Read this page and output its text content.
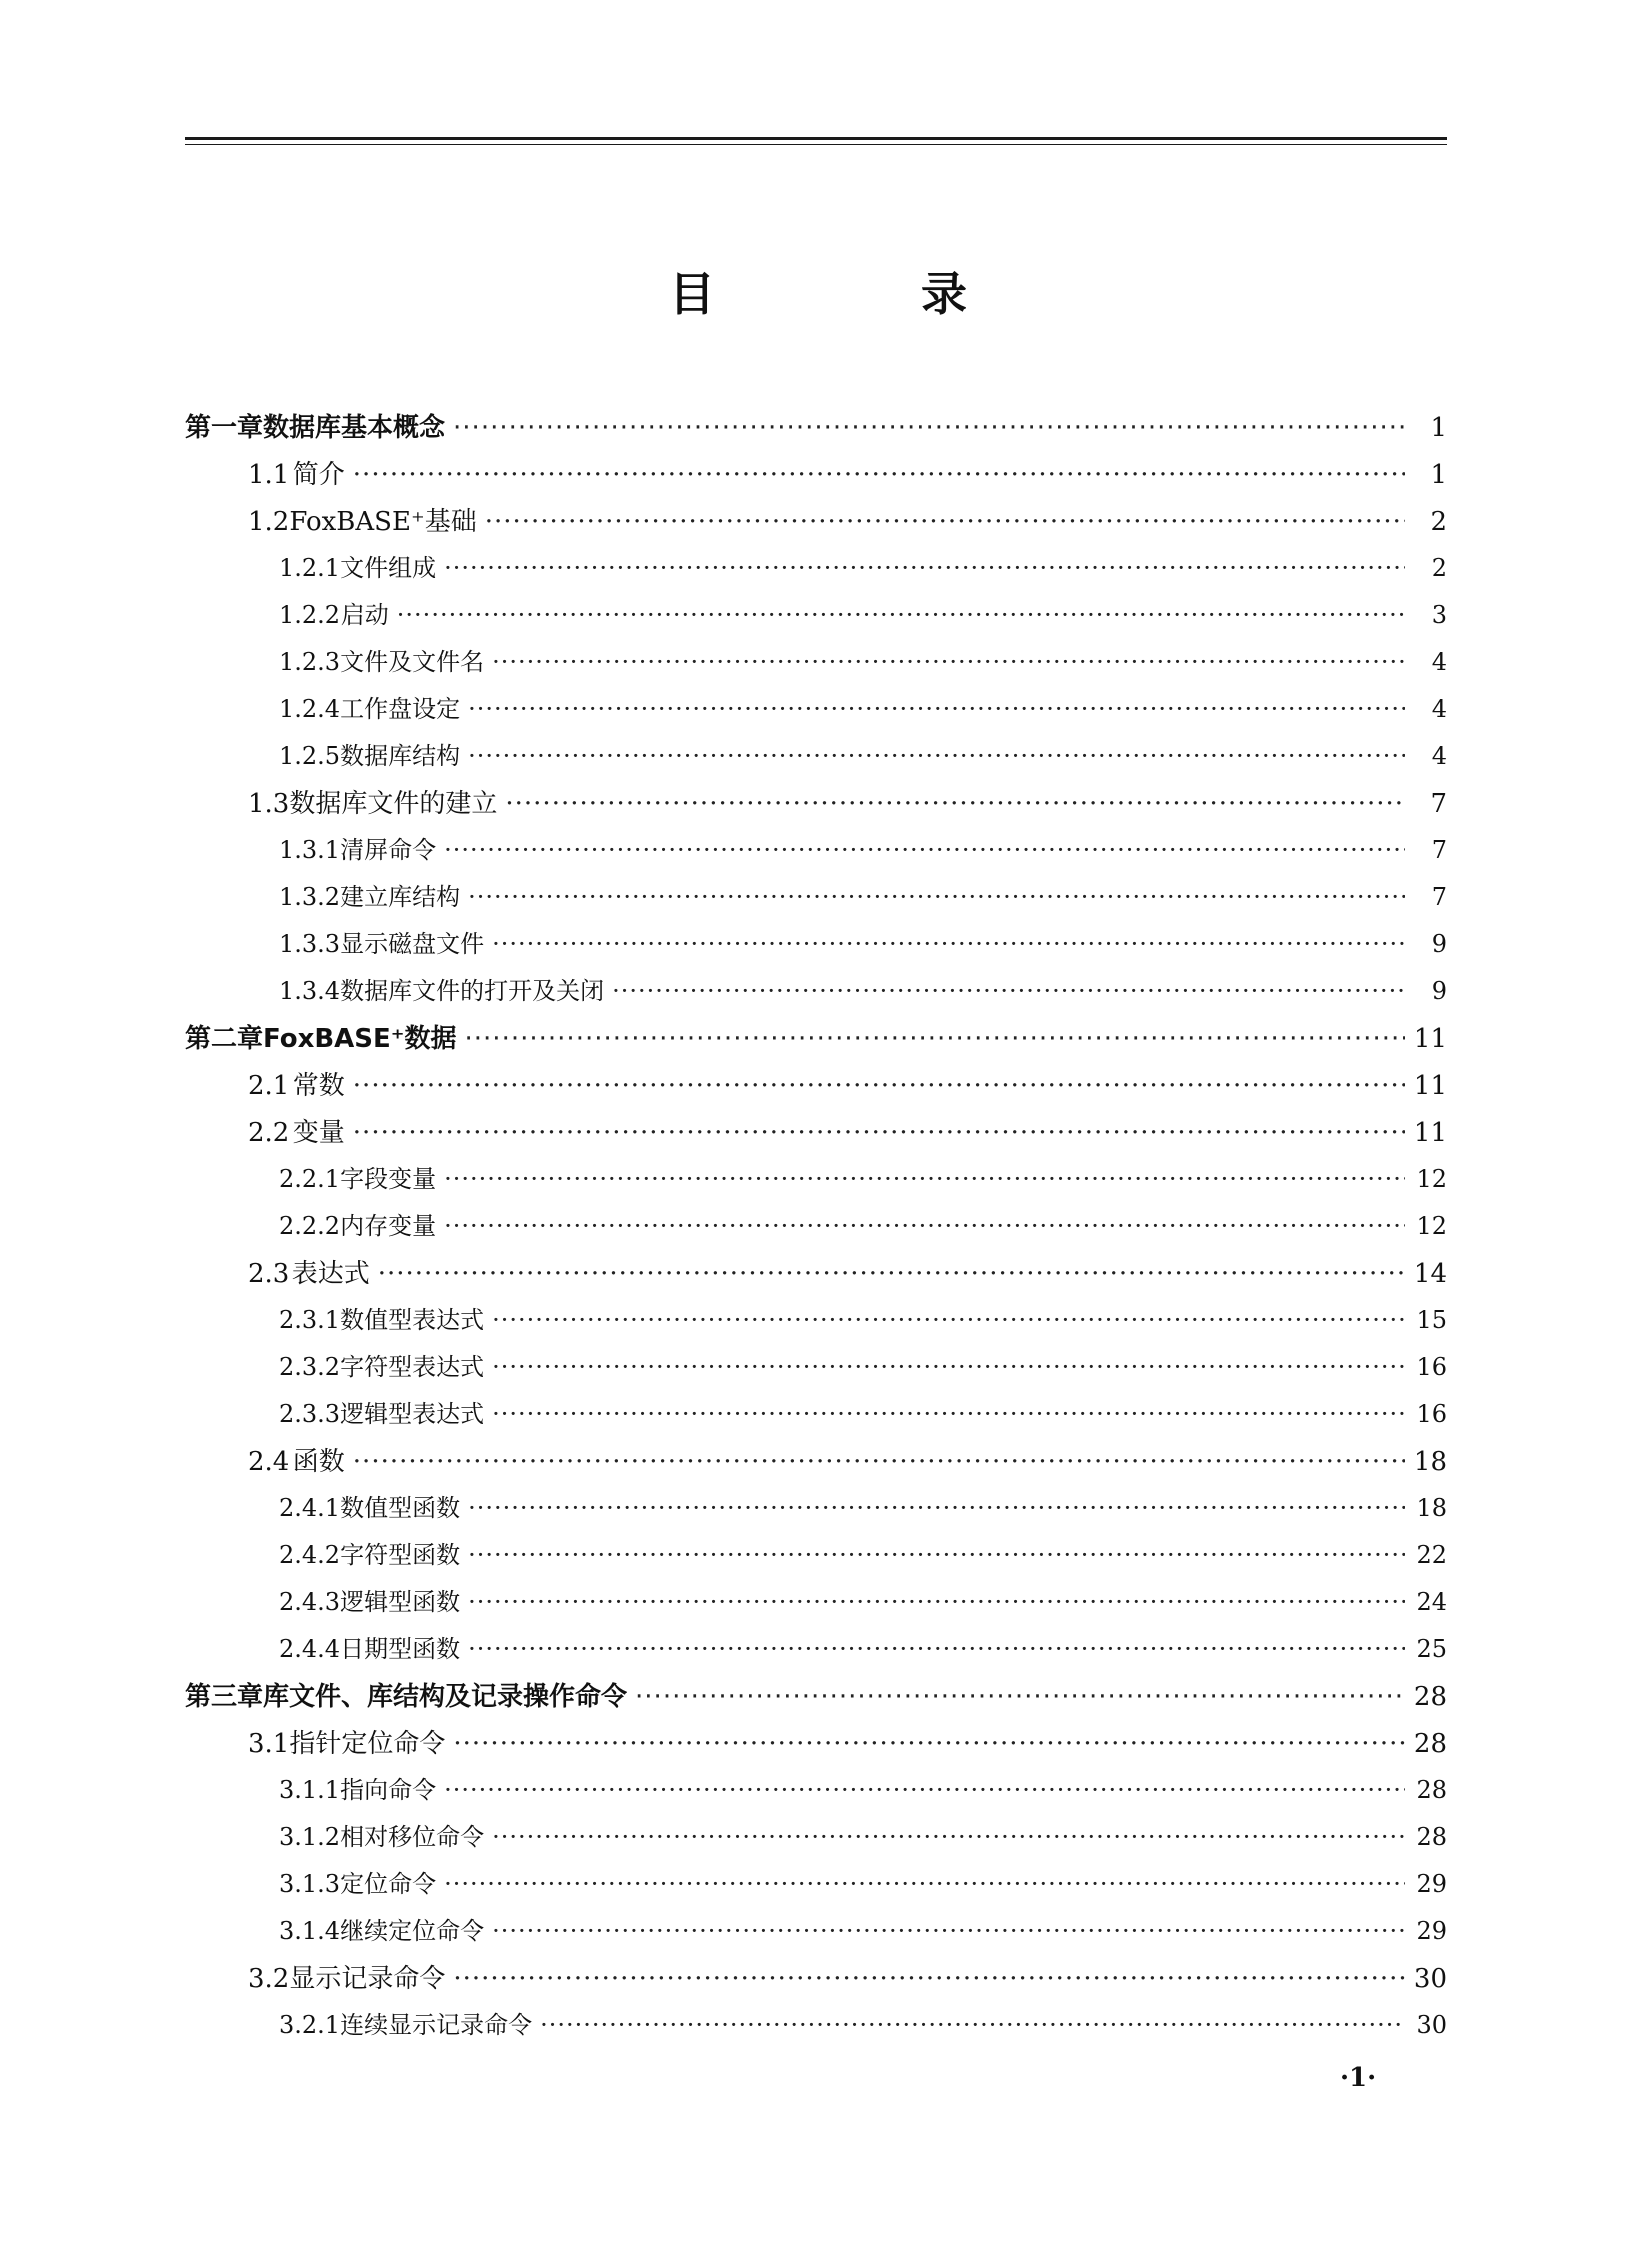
目　录
第一章 数据库基本概念 ·····	1
1.1 简介 ·····	1
1.2 FoxBASE⁺基础 ·····	2
1.2.1 文件组成 ·····	2
1.2.2 启动 ·····	3
1.2.3 文件及文件名 ·····	4
1.2.4 工作盘设定 ·····	4
1.2.5 数据库结构 ·····	4
1.3 数据库文件的建立 ·····	7
1.3.1 清屏命令 ·····	7
1.3.2 建立库结构 ·····	7
1.3.3 显示磁盘文件 ·····	9
1.3.4 数据库文件的打开及关闭 ·····	9
第二章 FoxBASE⁺数据 ·····	11
2.1 常数 ·····	11
2.2 变量 ·····	11
2.2.1 字段变量 ·····	12
2.2.2 内存变量 ·····	12
2.3 表达式 ·····	14
2.3.1 数值型表达式 ·····	15
2.3.2 字符型表达式 ·····	16
2.3.3 逻辑型表达式 ·····	16
2.4 函数 ·····	18
2.4.1 数值型函数 ·····	18
2.4.2 字符型函数 ·····	22
2.4.3 逻辑型函数 ·····	24
2.4.4 日期型函数 ·····	25
第三章 库文件、库结构及记录操作命令 ·····	28
3.1 指针定位命令 ·····	28
3.1.1 指向命令 ·····	28
3.1.2 相对移位命令 ·····	28
3.1.3 定位命令 ·····	29
3.1.4 继续定位命令 ·····	29
3.2 显示记录命令 ·····	30
3.2.1 连续显示记录命令 ·····	30
·1·
